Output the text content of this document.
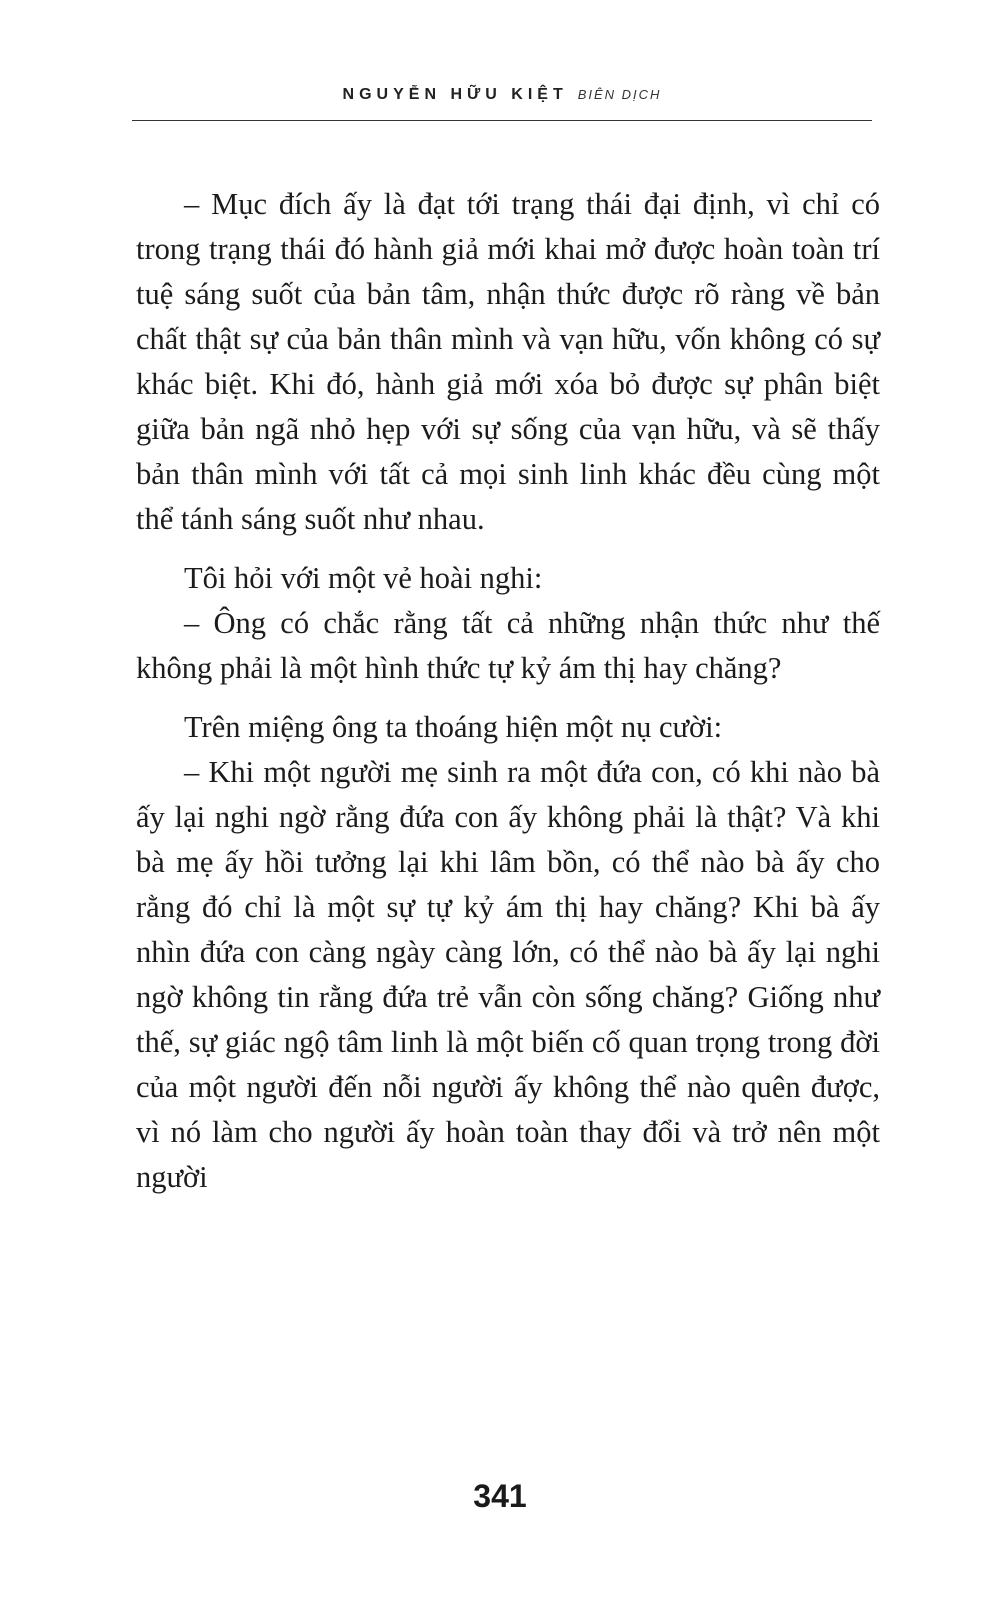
NGUYỄN HỮU KIỆT BIÊN DỊCH

– Mục đích ấy là đạt tới trạng thái đại định, vì chỉ có trong trạng thái đó hành giả mới khai mở được hoàn toàn trí tuệ sáng suốt của bản tâm, nhận thức được rõ ràng về bản chất thật sự của bản thân mình và vạn hữu, vốn không có sự khác biệt. Khi đó, hành giả mới xóa bỏ được sự phân biệt giữa bản ngã nhỏ hẹp với sự sống của vạn hữu, và sẽ thấy bản thân mình với tất cả mọi sinh linh khác đều cùng một thể tánh sáng suốt như nhau.

Tôi hỏi với một vẻ hoài nghi:

– Ông có chắc rằng tất cả những nhận thức như thế không phải là một hình thức tự kỷ ám thị hay chăng?

Trên miệng ông ta thoáng hiện một nụ cười:

– Khi một người mẹ sinh ra một đứa con, có khi nào bà ấy lại nghi ngờ rằng đứa con ấy không phải là thật? Và khi bà mẹ ấy hồi tưởng lại khi lâm bồn, có thể nào bà ấy cho rằng đó chỉ là một sự tự kỷ ám thị hay chăng? Khi bà ấy nhìn đứa con càng ngày càng lớn, có thể nào bà ấy lại nghi ngờ không tin rằng đứa trẻ vẫn còn sống chăng? Giống như thế, sự giác ngộ tâm linh là một biến cố quan trọng trong đời của một người đến nỗi người ấy không thể nào quên được, vì nó làm cho người ấy hoàn toàn thay đổi và trở nên một người

341
